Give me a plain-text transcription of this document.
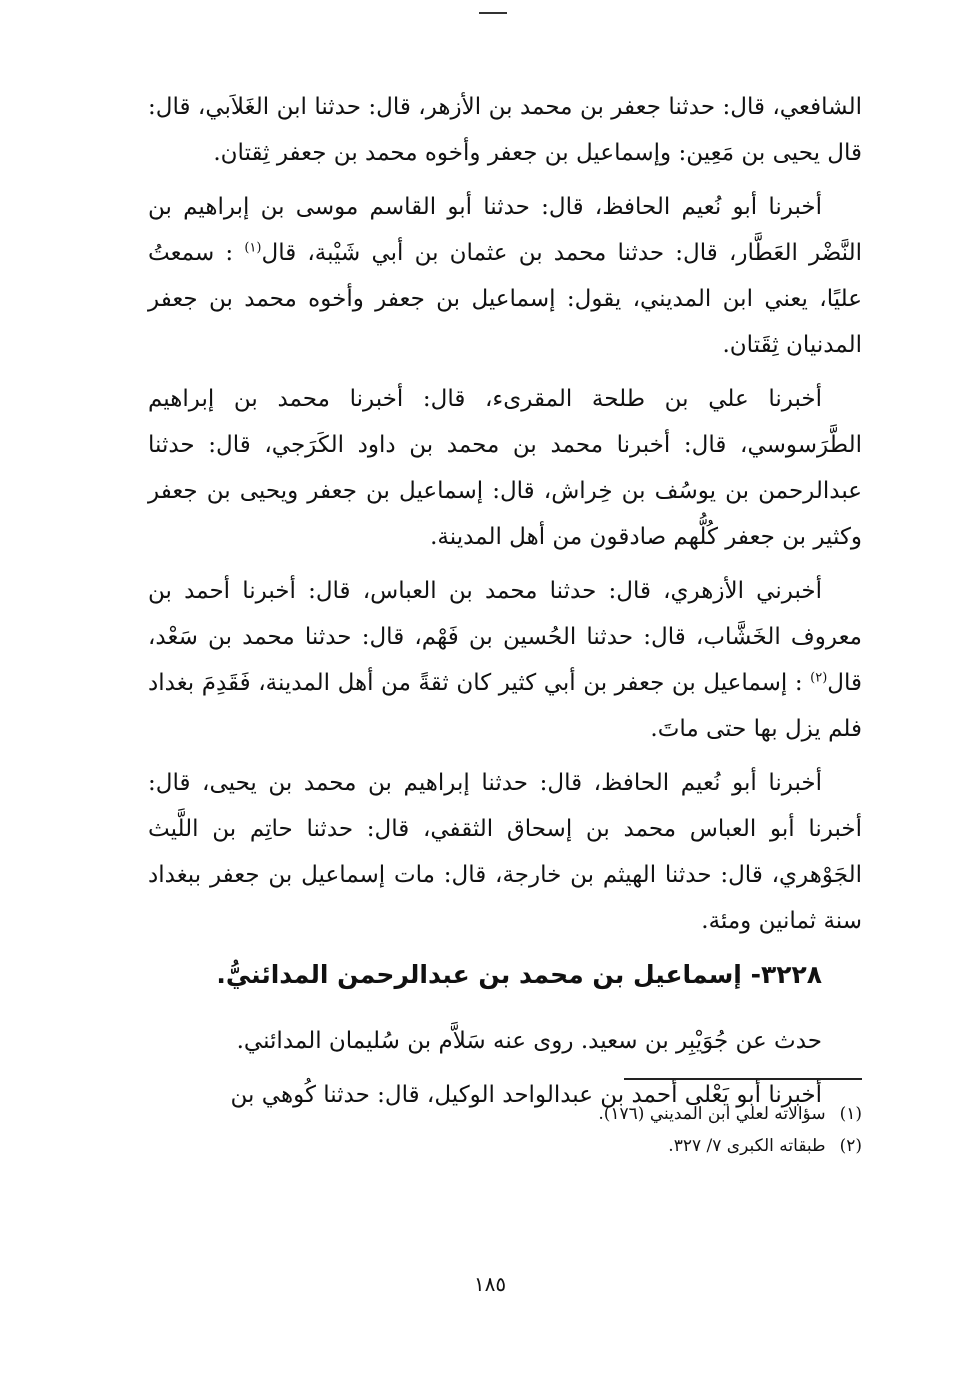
الشافعي، قال: حدثنا جعفر بن محمد بن الأزهر، قال: حدثنا ابن الغَلاَبي، قال: قال يحيى بن مَعِين: وإسماعيل بن جعفر وأخوه محمد بن جعفر ثِقتان.

أخبرنا أبو نُعيم الحافظ، قال: حدثنا أبو القاسم موسى بن إبراهيم بن النَّضْر العَطَّار، قال: حدثنا محمد بن عثمان بن أبي شَيْبة، قال$^{(١)}$ : سمعتُ عليًا، يعني ابن المديني، يقول: إسماعيل بن جعفر وأخوه محمد بن جعفر المدنيان ثِقَتان.

أخبرنا علي بن طلحة المقرىء، قال: أخبرنا محمد بن إبراهيم الطَّرَسوسي، قال: أخبرنا محمد بن محمد بن داود الكَرَجي، قال: حدثنا عبدالرحمن بن يوسُف بن خِراش، قال: إسماعيل بن جعفر ويحيى بن جعفر وكثير بن جعفر كُلُّهم صادقون من أهل المدينة.

أخبرني الأزهري، قال: حدثنا محمد بن العباس، قال: أخبرنا أحمد بن معروف الخَشَّاب، قال: حدثنا الحُسين بن فَهْم، قال: حدثنا محمد بن سَعْد، قال$^{(٢)}$ : إسماعيل بن جعفر بن أبي كثير كان ثقةً من أهل المدينة، فَقَدِمَ بغداد فلم يزل بها حتى ماتَ.

أخبرنا أبو نُعيم الحافظ، قال: حدثنا إبراهيم بن محمد بن يحيى، قال: أخبرنا أبو العباس محمد بن إسحاق الثقفي، قال: حدثنا حاتِم بن اللَّيث الجَوْهري، قال: حدثنا الهيثم بن خارجة، قال: مات إسماعيل بن جعفر ببغداد سنة ثمانين ومئة.

٣٢٢٨- إسماعيل بن محمد بن عبدالرحمن المدائنيُّ.

حدث عن جُوَيْبِر بن سعيد. روى عنه سَلاَّم بن سُليمان المدائني.

أخبرنا أبو يَعْلى أحمد بن عبدالواحد الوكيل، قال: حدثنا كُوهي بن

(١)سؤالاته لعلي ابن المديني (١٧٦).
(٢)طبقاته الكبرى ٧/ ٣٢٧.
١٨٥
